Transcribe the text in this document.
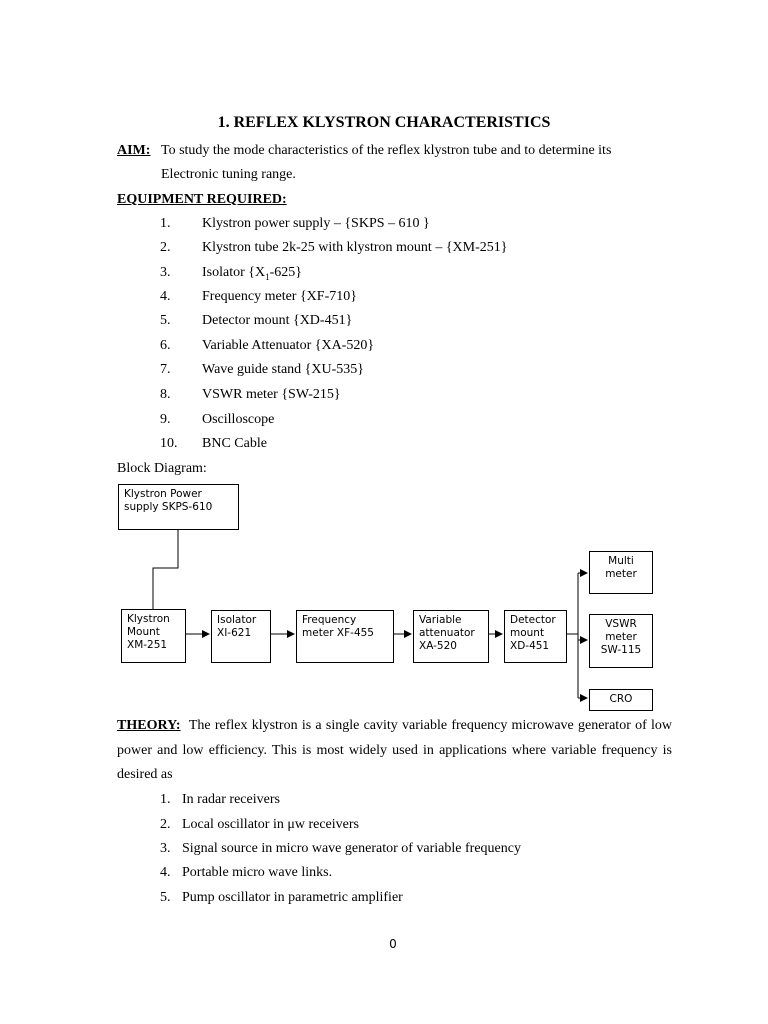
1. REFLEX KLYSTRON CHARACTERISTICS
AIM: To study the mode characteristics of the reflex klystron tube and to determine its
Electronic tuning range.
EQUIPMENT REQUIRED:
1. Klystron power supply – {SKPS – 610 }
2. Klystron tube 2k-25 with klystron mount – {XM-251}
3. Isolator $\{X_1-625\}$
4. Frequency meter {XF-710}
5. Detector mount {XD-451}
6. Variable Attenuator {XA-520}
7. Wave guide stand {XU-535}
8. VSWR meter {SW-215}
9. Oscilloscope
10. BNC Cable
Block Diagram:
Klystron Power
supply SKPS-610
Klystron
Mount
XM-251
Isolator
XI-621
Frequency
meter XF-455
Variable
attenuator
XA-520
Detector
mount
XD-451
Multi
meter
VSWR
meter
SW-115
CRO
THEORY: The reflex klystron is a single cavity variable frequency microwave generator of low power and low efficiency. This is most widely used in applications where variable frequency is desired as
1. In radar receivers
2. Local oscillator in μw receivers
3. Signal source in micro wave generator of variable frequency
4. Portable micro wave links.
5. Pump oscillator in parametric amplifier
0
